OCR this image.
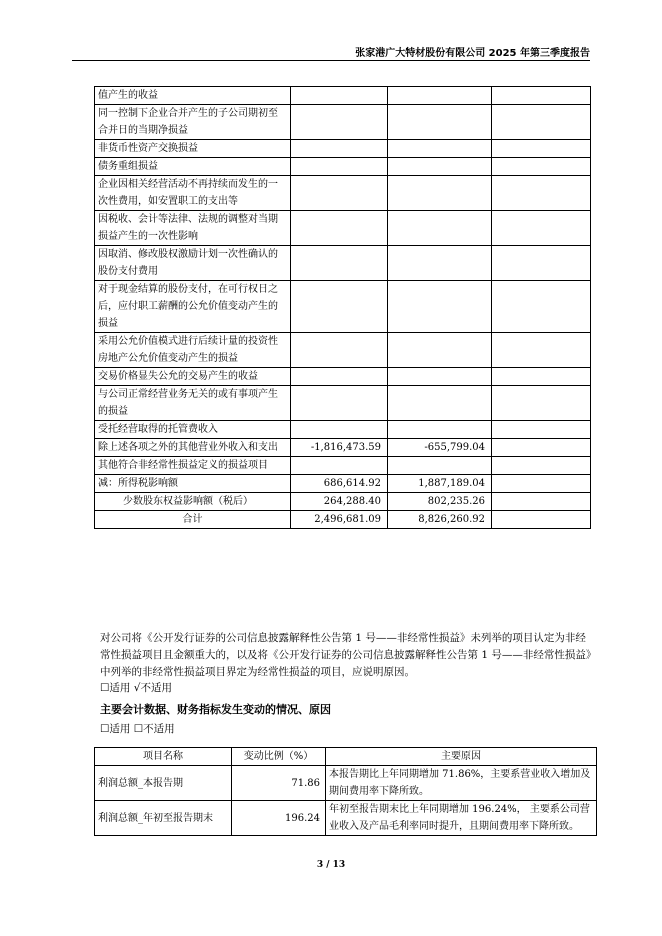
张家港广大特材股份有限公司 2025 年第三季度报告
值产生的收益			
同一控制下企业合并产生的子公司期初至合并日的当期净损益			
非货币性资产交换损益			
债务重组损益			
企业因相关经营活动不再持续而发生的一次性费用，如安置职工的支出等			
因税收、会计等法律、法规的调整对当期损益产生的一次性影响			
因取消、修改股权激励计划一次性确认的股份支付费用			
对于现金结算的股份支付，在可行权日之后，应付职工薪酬的公允价值变动产生的损益			
采用公允价值模式进行后续计量的投资性房地产公允价值变动产生的损益			
交易价格显失公允的交易产生的收益			
与公司正常经营业务无关的或有事项产生的损益			
受托经营取得的托管费收入			
除上述各项之外的其他营业外收入和支出	-1,816,473.59	-655,799.04	
其他符合非经常性损益定义的损益项目			
减：所得税影响额	686,614.92	1,887,189.04	
少数股东权益影响额（税后）	264,288.40	802,235.26	
合计	2,496,681.09	8,826,260.92	

对公司将《公开发行证券的公司信息披露解释性公告第 1 号——非经常性损益》未列举的项目认定为非经常性损益项目且金额重大的，以及将《公开发行证券的公司信息披露解释性公告第 1 号——非经常性损益》中列举的非经常性损益项目界定为经常性损益的项目，应说明原因。

☐适用 √不适用
主要会计数据、财务指标发生变动的情况、原因
☐适用 ☐不适用
项目名称	变动比例（%）	主要原因
利润总额_本报告期	71.86	本报告期比上年同期增加 71.86%，主要系营业收入增加及期间费用率下降所致。
利润总额_年初至报告期末	196.24	年初至报告期末比上年同期增加 196.24%， 主要系公司营业收入及产品毛利率同时提升，且期间费用率下降所致。
3 / 13
